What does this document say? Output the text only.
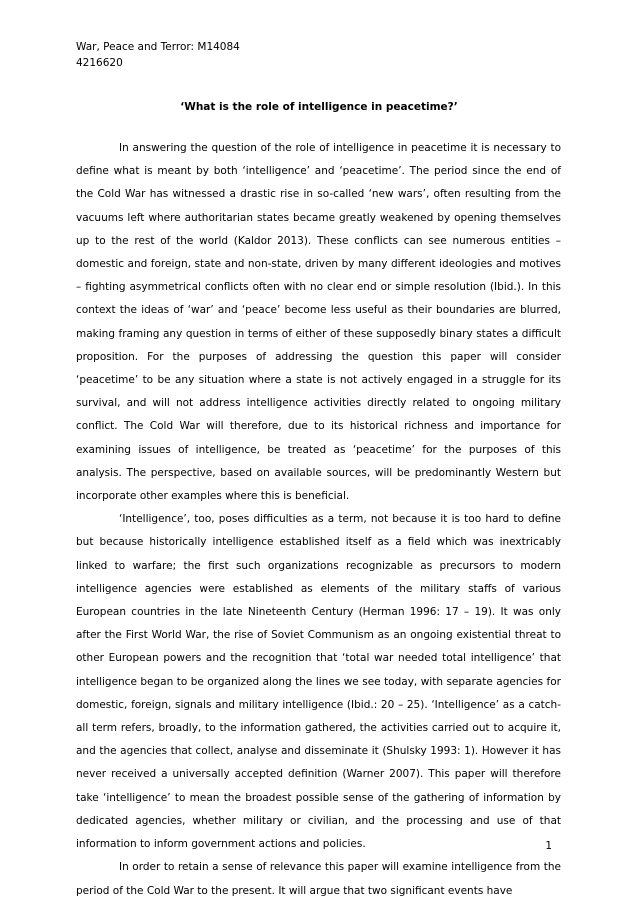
War, Peace and Terror: M14084
4216620
‘What is the role of intelligence in peacetime?’

In answering the question of the role of intelligence in peacetime it is necessary to define what is meant by both ‘intelligence’ and ‘peacetime’. The period since the end of the Cold War has witnessed a drastic rise in so-called ‘new wars’, often resulting from the vacuums left where authoritarian states became greatly weakened by opening themselves up to the rest of the world (Kaldor 2013). These conflicts can see numerous entities – domestic and foreign, state and non-state, driven by many different ideologies and motives – fighting asymmetrical conflicts often with no clear end or simple resolution (Ibid.). In this context the ideas of ‘war’ and ‘peace’ become less useful as their boundaries are blurred, making framing any question in terms of either of these supposedly binary states a difficult proposition. For the purposes of addressing the question this paper will consider ‘peacetime’ to be any situation where a state is not actively engaged in a struggle for its survival, and will not address intelligence activities directly related to ongoing military conflict. The Cold War will therefore, due to its historical richness and importance for examining issues of intelligence, be treated as ‘peacetime’ for the purposes of this analysis. The perspective, based on available sources, will be predominantly Western but incorporate other examples where this is beneficial.

‘Intelligence’, too, poses difficulties as a term, not because it is too hard to define but because historically intelligence established itself as a field which was inextricably linked to warfare; the first such organizations recognizable as precursors to modern intelligence agencies were established as elements of the military staffs of various European countries in the late Nineteenth Century (Herman 1996: 17 – 19). It was only after the First World War, the rise of Soviet Communism as an ongoing existential threat to other European powers and the recognition that ‘total war needed total intelligence’ that intelligence began to be organized along the lines we see today, with separate agencies for domestic, foreign, signals and military intelligence (Ibid.: 20 – 25). ‘Intelligence’ as a catch-all term refers, broadly, to the information gathered, the activities carried out to acquire it, and the agencies that collect, analyse and disseminate it (Shulsky 1993: 1). However it has never received a universally accepted definition (Warner 2007). This paper will therefore take ‘intelligence’ to mean the broadest possible sense of the gathering of information by dedicated agencies, whether military or civilian, and the processing and use of that information to inform government actions and policies.

In order to retain a sense of relevance this paper will examine intelligence from the period of the Cold War to the present. It will argue that two significant events have

1
